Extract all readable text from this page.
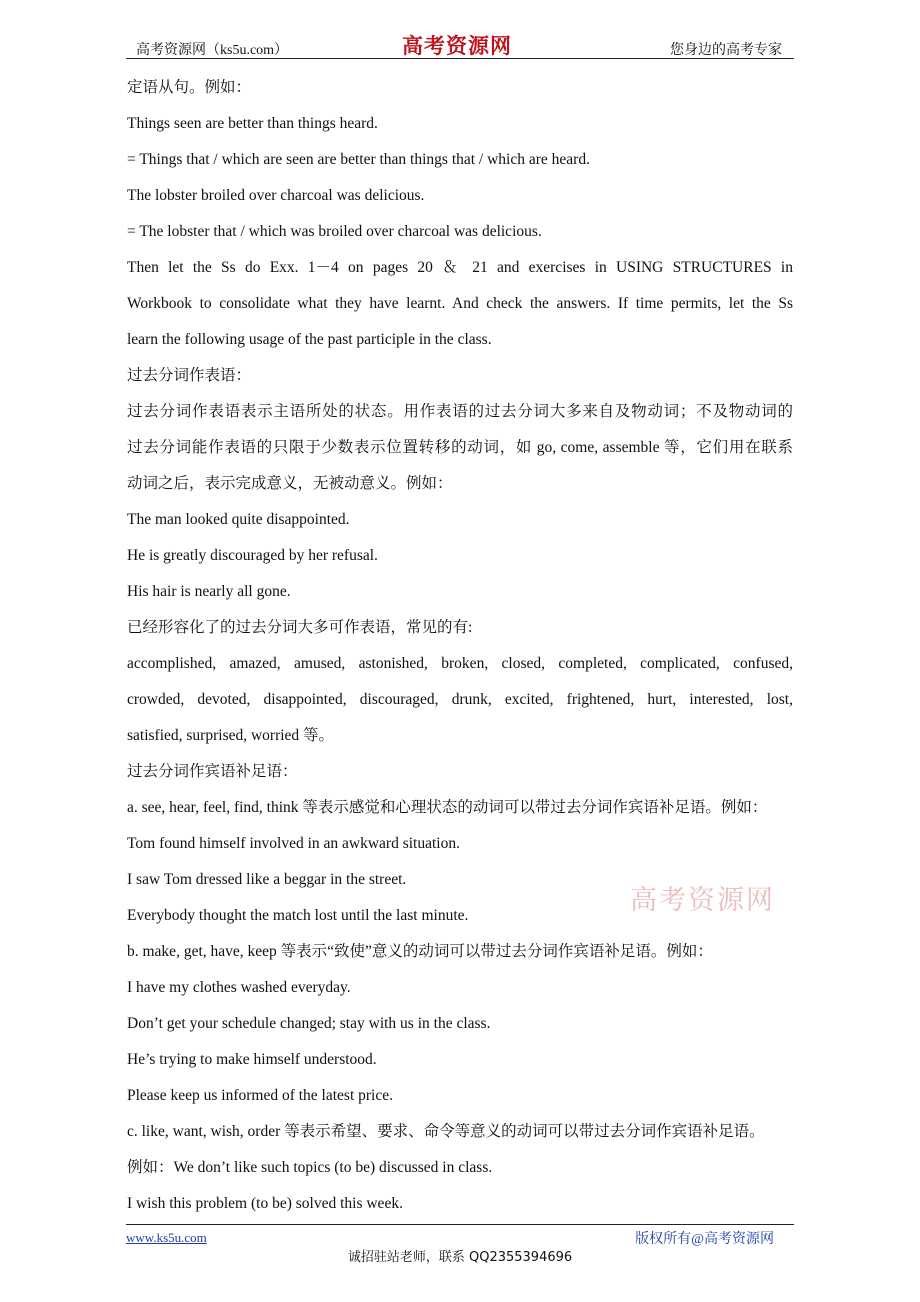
高考资源网（ks5u.com）	高考资源网	您身边的高考专家
定语从句。例如：
Things seen are better than things heard.
= Things that / which are seen are better than things that / which are heard.
The lobster broiled over charcoal was delicious.
= The lobster that / which was broiled over charcoal was delicious.
Then let the Ss do Exx. 1－4 on pages 20 ＆ 21 and exercises in USING STRUCTURES in
Workbook to consolidate what they have learnt. And check the answers. If time permits, let the Ss
learn the following usage of the past participle in the class.
过去分词作表语：
过去分词作表语表示主语所处的状态。用作表语的过去分词大多来自及物动词；不及物动词的
过去分词能作表语的只限于少数表示位置转移的动词，如 go, come, assemble 等，它们用在联系
动词之后，表示完成意义，无被动意义。例如：
The man looked quite disappointed.
He is greatly discouraged by her refusal.
His hair is nearly all gone.
已经形容化了的过去分词大多可作表语，常见的有:
accomplished, amazed, amused, astonished, broken, closed, completed, complicated, confused,
crowded, devoted, disappointed, discouraged, drunk, excited, frightened, hurt, interested, lost,
satisfied, surprised, worried 等。
过去分词作宾语补足语：
a. see, hear, feel, find, think 等表示感觉和心理状态的动词可以带过去分词作宾语补足语。例如：
Tom found himself involved in an awkward situation.
I saw Tom dressed like a beggar in the street.
Everybody thought the match lost until the last minute.
b. make, get, have, keep 等表示“致使”意义的动词可以带过去分词作宾语补足语。例如：
I have my clothes washed everyday.
Don’t get your schedule changed; stay with us in the class.
He’s trying to make himself understood.
Please keep us informed of the latest price.
c. like, want, wish, order 等表示希望、要求、命令等意义的动词可以带过去分词作宾语补足语。
例如：We don’t like such topics (to be) discussed in class.
I wish this problem (to be) solved this week.
高考资源网
www.ks5u.com	版权所有@高考资源网
诚招驻站老师，联系 QQ2355394696
